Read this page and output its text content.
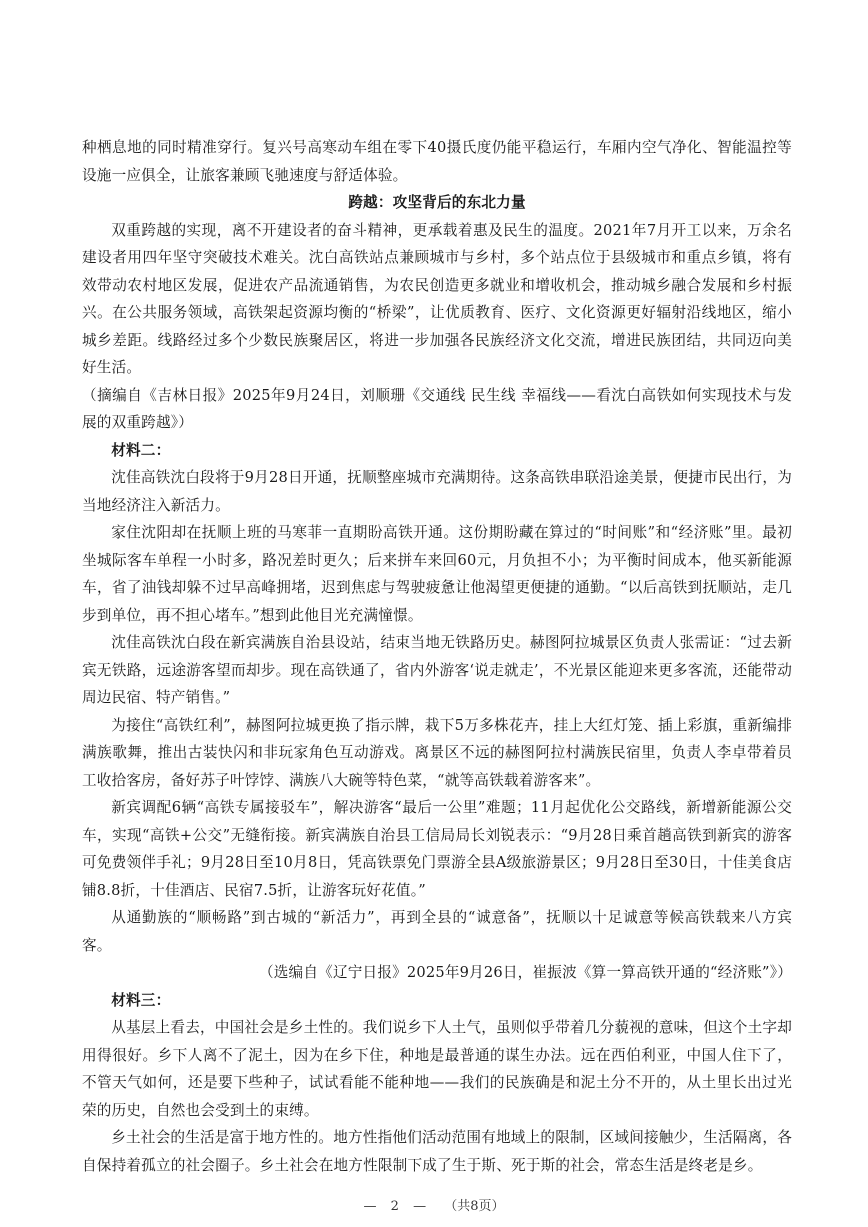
种栖息地的同时精准穿行。复兴号高寒动车组在零下40摄氏度仍能平稳运行，车厢内空气净化、智能温控等设施一应俱全，让旅客兼顾飞驰速度与舒适体验。

跨越：攻坚背后的东北力量

双重跨越的实现，离不开建设者的奋斗精神，更承载着惠及民生的温度。2021年7月开工以来，万余名建设者用四年坚守突破技术难关。沈白高铁站点兼顾城市与乡村，多个站点位于县级城市和重点乡镇，将有效带动农村地区发展，促进农产品流通销售，为农民创造更多就业和增收机会，推动城乡融合发展和乡村振兴。在公共服务领域，高铁架起资源均衡的“桥梁”，让优质教育、医疗、文化资源更好辐射沿线地区，缩小城乡差距。线路经过多个少数民族聚居区，将进一步加强各民族经济文化交流，增进民族团结，共同迈向美好生活。

（摘编自《吉林日报》2025年9月24日，刘顺珊《交通线 民生线 幸福线——看沈白高铁如何实现技术与发展的双重跨越》）

材料二：

沈佳高铁沈白段将于9月28日开通，抚顺整座城市充满期待。这条高铁串联沿途美景，便捷市民出行，为当地经济注入新活力。

家住沈阳却在抚顺上班的马寒菲一直期盼高铁开通。这份期盼藏在算过的“时间账”和“经济账”里。最初坐城际客车单程一小时多，路况差时更久；后来拼车来回60元，月负担不小；为平衡时间成本，他买新能源车，省了油钱却躲不过早高峰拥堵，迟到焦虑与驾驶疲惫让他渴望更便捷的通勤。“以后高铁到抚顺站，走几步到单位，再不担心堵车。”想到此他目光充满憧憬。

沈佳高铁沈白段在新宾满族自治县设站，结束当地无铁路历史。赫图阿拉城景区负责人张需证：“过去新宾无铁路，远途游客望而却步。现在高铁通了，省内外游客‘说走就走’，不光景区能迎来更多客流，还能带动周边民宿、特产销售。”

为接住“高铁红利”，赫图阿拉城更换了指示牌，栽下5万多株花卉，挂上大红灯笼、插上彩旗，重新编排满族歌舞，推出古装快闪和非玩家角色互动游戏。离景区不远的赫图阿拉村满族民宿里，负责人李卓带着员工收拾客房，备好苏子叶饽饽、满族八大碗等特色菜，“就等高铁载着游客来”。

新宾调配6辆“高铁专属接驳车”，解决游客“最后一公里”难题；11月起优化公交路线，新增新能源公交车，实现“高铁+公交”无缝衔接。新宾满族自治县工信局局长刘锐表示：“9月28日乘首趟高铁到新宾的游客可免费领伴手礼；9月28日至10月8日，凭高铁票免门票游全县A级旅游景区；9月28日至30日，十佳美食店铺8.8折，十佳酒店、民宿7.5折，让游客玩好花值。”

从通勤族的“顺畅路”到古城的“新活力”，再到全县的“诚意备”，抚顺以十足诚意等候高铁载来八方宾客。

（选编自《辽宁日报》2025年9月26日，崔振波《算一算高铁开通的“经济账”》）

材料三：

从基层上看去，中国社会是乡土性的。我们说乡下人土气，虽则似乎带着几分藐视的意味，但这个土字却用得很好。乡下人离不了泥土，因为在乡下住，种地是最普通的谋生办法。远在西伯利亚，中国人住下了，不管天气如何，还是要下些种子，试试看能不能种地——我们的民族确是和泥土分不开的，从土里长出过光荣的历史，自然也会受到土的束缚。

乡土社会的生活是富于地方性的。地方性指他们活动范围有地域上的限制，区域间接触少，生活隔离，各自保持着孤立的社会圈子。乡土社会在地方性限制下成了生于斯、死于斯的社会，常态生活是终老是乡。

— 2 — （共8页）
